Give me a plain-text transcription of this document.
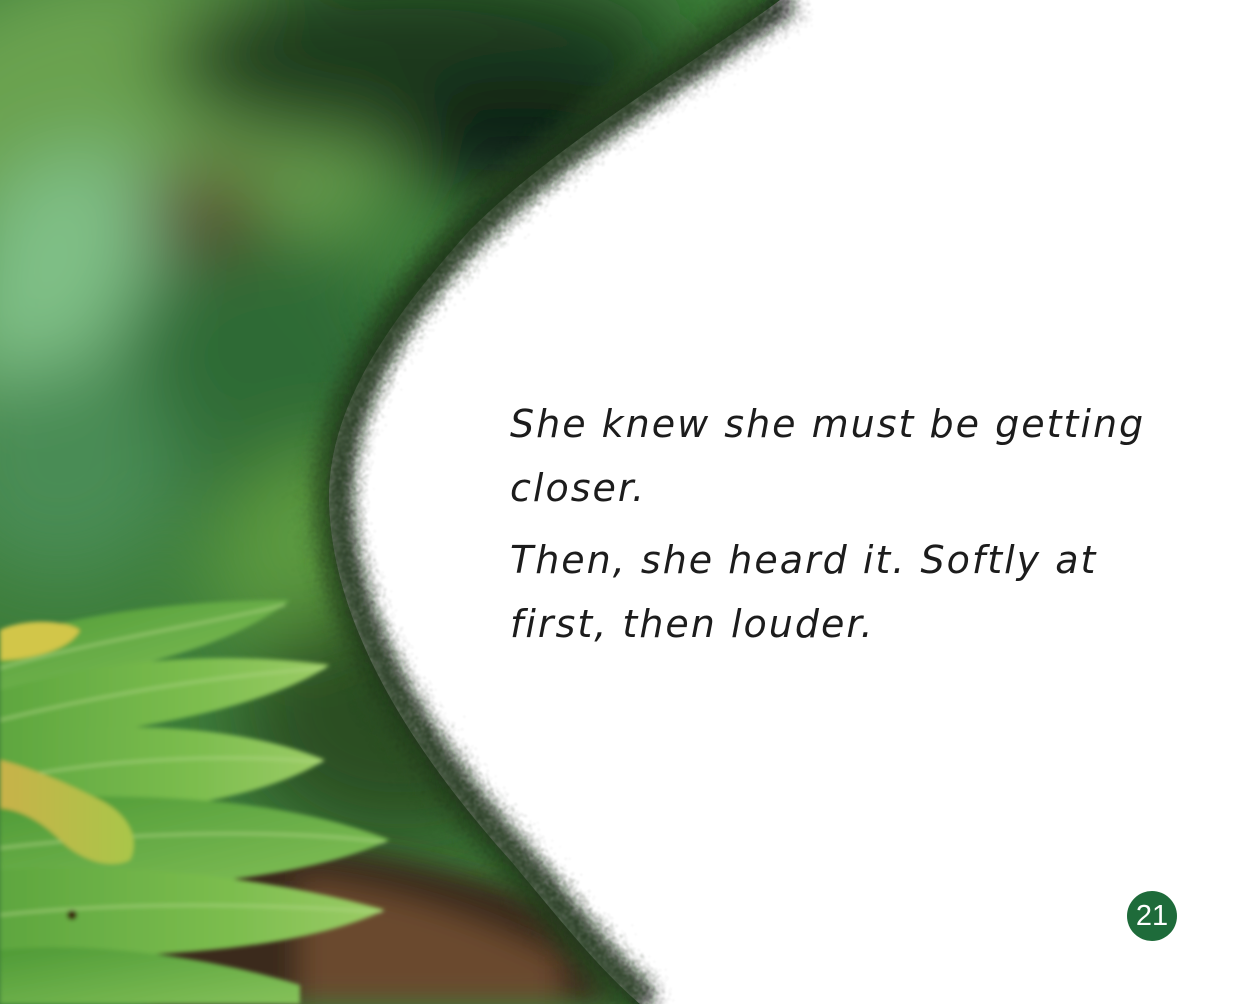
She knew she must be getting closer.

Then, she heard it. Softly at first, then louder.

21
